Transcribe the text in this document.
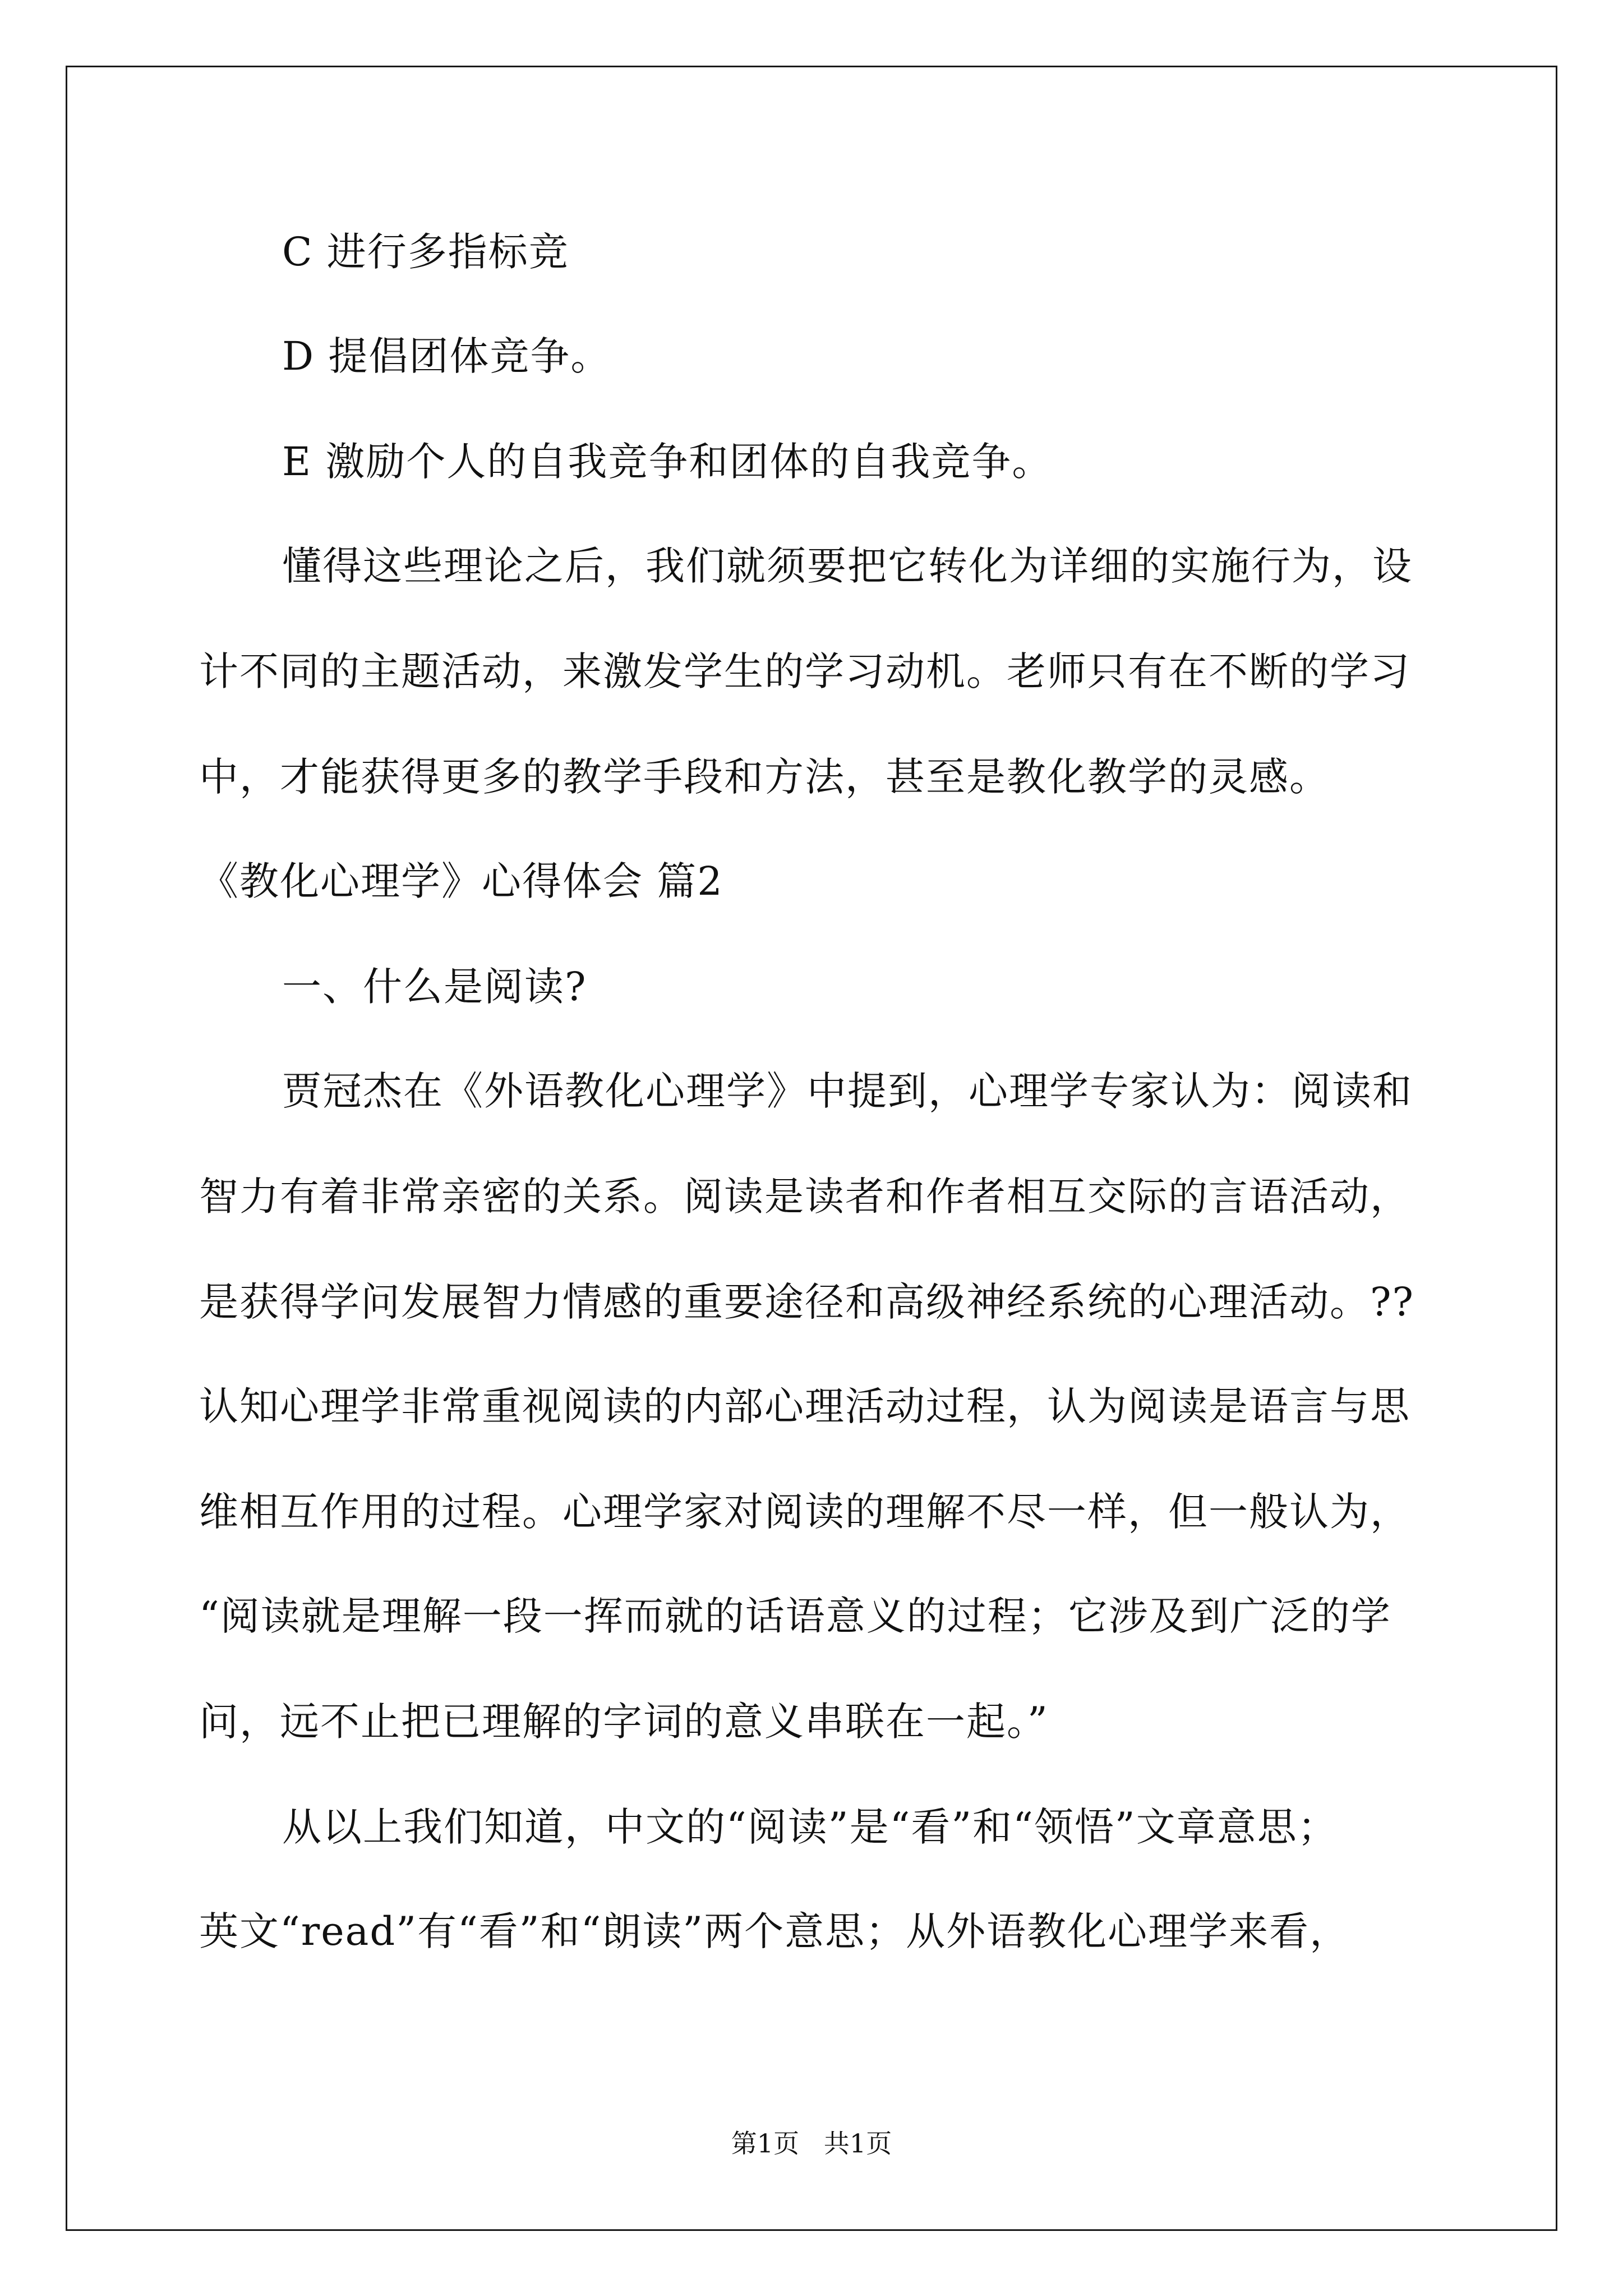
C 进行多指标竞
D 提倡团体竞争。
E 激励个人的自我竞争和团体的自我竞争。
懂得这些理论之后，我们就须要把它转化为详细的实施行为，设
计不同的主题活动，来激发学生的学习动机。老师只有在不断的学习
中，才能获得更多的教学手段和方法，甚至是教化教学的灵感。
《教化心理学》心得体会 篇2
一、什么是阅读?
贾冠杰在《外语教化心理学》中提到，心理学专家认为：阅读和
智力有着非常亲密的关系。阅读是读者和作者相互交际的言语活动，
是获得学问发展智力情感的重要途径和高级神经系统的心理活动。??
认知心理学非常重视阅读的内部心理活动过程，认为阅读是语言与思
维相互作用的过程。心理学家对阅读的理解不尽一样，但一般认为，
“阅读就是理解一段一挥而就的话语意义的过程；它涉及到广泛的学
问，远不止把已理解的字词的意义串联在一起。”
从以上我们知道，中文的“阅读”是“看”和“领悟”文章意思；
英文“read”有“看”和“朗读”两个意思；从外语教化心理学来看，
第1页   共1页
